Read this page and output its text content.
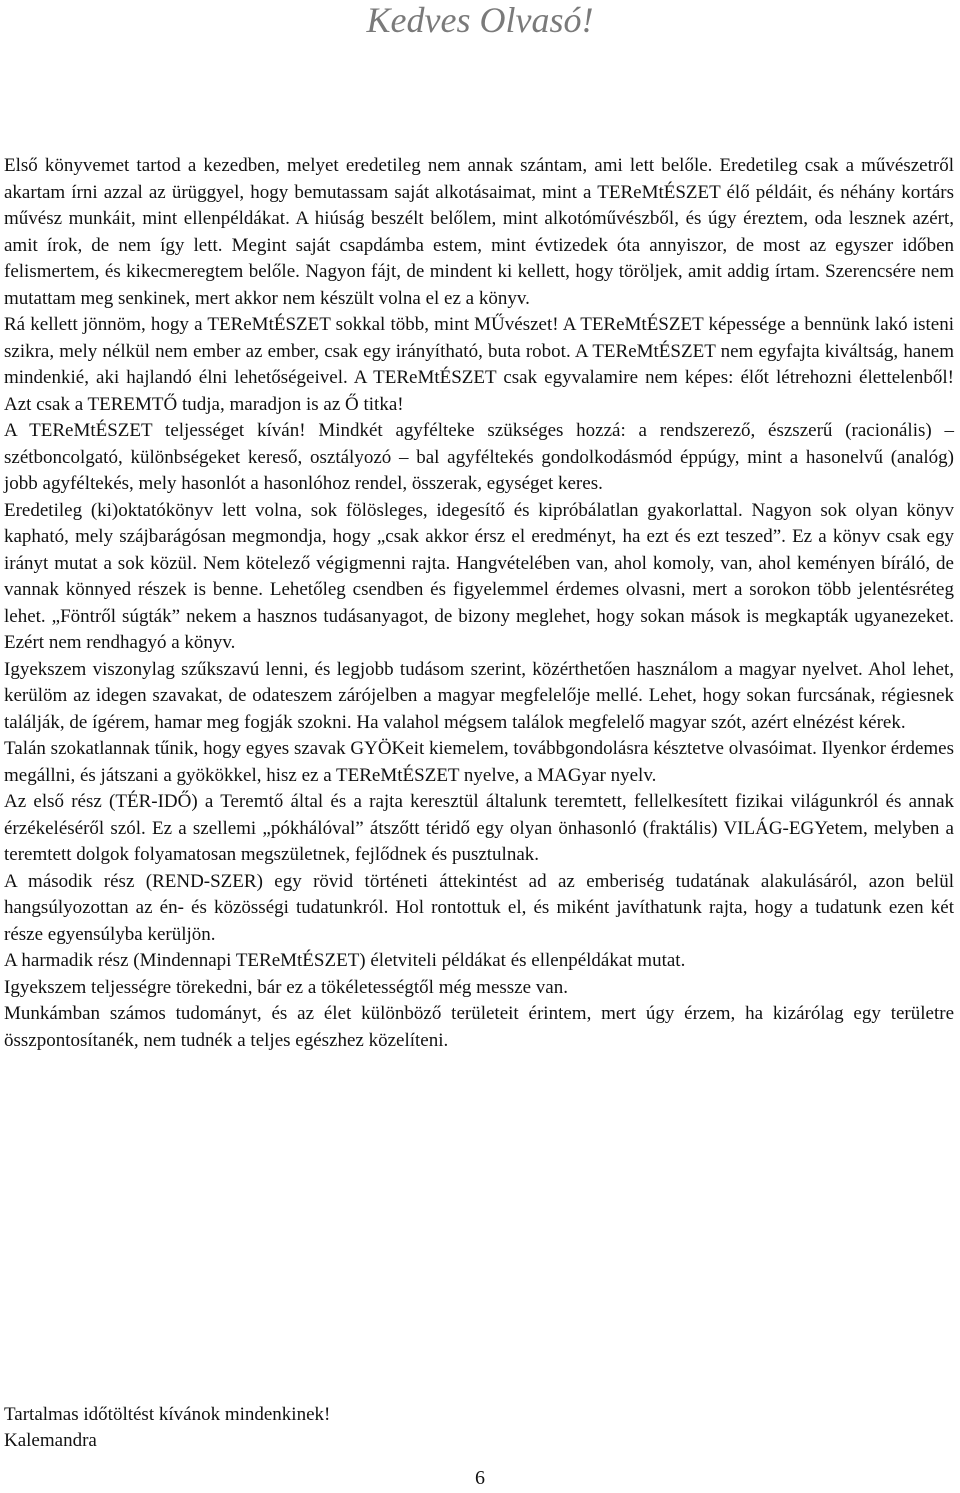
Kedves Olvasó!

Első könyvemet tartod a kezedben, melyet eredetileg nem annak szántam, ami lett belőle. Eredetileg csak a művészetről akartam írni azzal az ürüggyel, hogy bemutassam saját alkotásaimat, mint a TEReMtÉSZET élő példáit, és néhány kortárs művész munkáit, mint ellenpéldákat. A hiúság beszélt belőlem, mint alkotóművészből, és úgy éreztem, oda lesznek azért, amit írok, de nem így lett. Megint saját csapdámba estem, mint évtizedek óta annyiszor, de most az egyszer időben felismertem, és kikecmeregtem belőle. Nagyon fájt, de mindent ki kellett, hogy töröljek, amit addig írtam. Szerencsére nem mutattam meg senkinek, mert akkor nem készült volna el ez a könyv.

Rá kellett jönnöm, hogy a TEReMtÉSZET sokkal több, mint MŰvészet! A TEReMtÉSZET képessége a bennünk lakó isteni szikra, mely nélkül nem ember az ember, csak egy irányítható, buta robot. A TEReMtÉSZET nem egyfajta kiváltság, hanem mindenkié, aki hajlandó élni lehetőségeivel. A TEReMtÉSZET csak egyvalamire nem képes: élőt létrehozni élettelenből! Azt csak a TEREMTŐ tudja, maradjon is az Ő titka!

A TEReMtÉSZET teljességet kíván! Mindkét agyfélteke szükséges hozzá: a rendszerező, észszerű (racionális) – szétboncolgató, különbségeket kereső, osztályozó – bal agyféltekés gondolkodásmód éppúgy, mint a hasonelvű (analóg) jobb agyféltekés, mely hasonlót a hasonlóhoz rendel, összerak, egységet keres.

Eredetileg (ki)oktatókönyv lett volna, sok fölösleges, idegesítő és kipróbálatlan gyakorlattal. Nagyon sok olyan könyv kapható, mely szájbarágósan megmondja, hogy „csak akkor érsz el eredményt, ha ezt és ezt teszed”. Ez a könyv csak egy irányt mutat a sok közül. Nem kötelező végigmenni rajta. Hangvételében van, ahol komoly, van, ahol keményen bíráló, de vannak könnyed részek is benne. Lehetőleg csendben és figyelemmel érdemes olvasni, mert a sorokon több jelentésréteg lehet. „Föntről súgták” nekem a hasznos tudásanyagot, de bizony meglehet, hogy sokan mások is megkapták ugyanezeket. Ezért nem rendhagyó a könyv.

Igyekszem viszonylag szűkszavú lenni, és legjobb tudásom szerint, közérthetően használom a magyar nyelvet. Ahol lehet, kerülöm az idegen szavakat, de odateszem zárójelben a magyar megfelelője mellé. Lehet, hogy sokan furcsának, régiesnek találják, de ígérem, hamar meg fogják szokni. Ha valahol mégsem találok megfelelő magyar szót, azért elnézést kérek.

Talán szokatlannak tűnik, hogy egyes szavak GYÖKeit kiemelem, továbbgondolásra késztetve olvasóimat. Ilyenkor érdemes megállni, és játszani a gyökökkel, hisz ez a TEReMtÉSZET nyelve, a MAGyar nyelv.

Az első rész (TÉR-IDŐ) a Teremtő által és a rajta keresztül általunk teremtett, fellelkesített fizikai világunkról és annak érzékeléséről szól. Ez a szellemi „pókhálóval” átszőtt téridő egy olyan önhasonló (fraktális) VILÁG-EGYetem, melyben a teremtett dolgok folyamatosan megszületnek, fejlődnek és pusztulnak.

A második rész (REND-SZER) egy rövid történeti áttekintést ad az emberiség tudatának alakulásáról, azon belül hangsúlyozottan az én- és közösségi tudatunkról. Hol rontottuk el, és miként javíthatunk rajta, hogy a tudatunk ezen két része egyensúlyba kerüljön.

A harmadik rész (Mindennapi TEReMtÉSZET) életviteli példákat és ellenpéldákat mutat.

Igyekszem teljességre törekedni, bár ez a tökéletességtől még messze van.

Munkámban számos tudományt, és az élet különböző területeit érintem, mert úgy érzem, ha kizárólag egy területre összpontosítanék, nem tudnék a teljes egészhez közelíteni.

Tartalmas időtöltést kívánok mindenkinek!

Kalemandra

6
